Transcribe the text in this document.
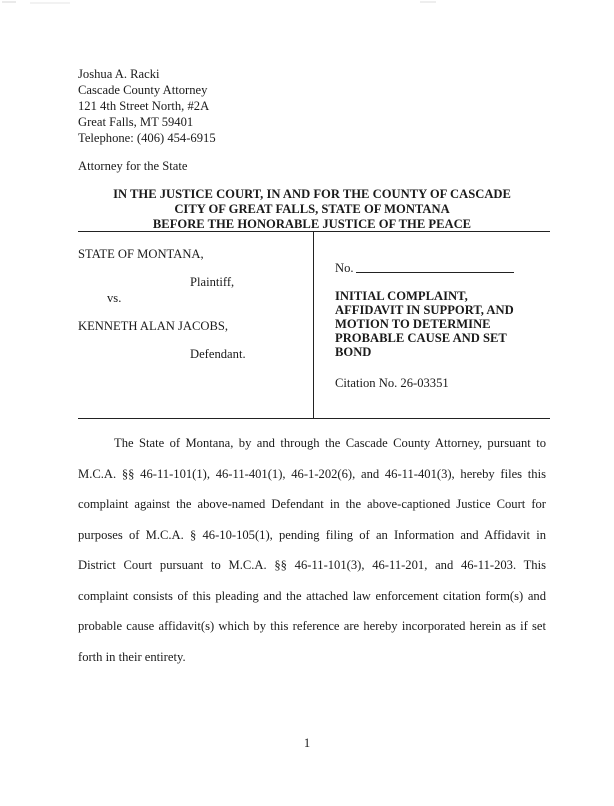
Joshua A. Racki
Cascade County Attorney
121 4th Street North, #2A
Great Falls, MT 59401
Telephone: (406) 454-6915
Attorney for the State
IN THE JUSTICE COURT, IN AND FOR THE COUNTY OF CASCADE
CITY OF GREAT FALLS, STATE OF MONTANA
BEFORE THE HONORABLE JUSTICE OF THE PEACE
STATE OF MONTANA,
Plaintiff,
vs.
KENNETH ALAN JACOBS,
Defendant.
No.
INITIAL COMPLAINT,
AFFIDAVIT IN SUPPORT, AND
MOTION TO DETERMINE
PROBABLE CAUSE AND SET
BOND
Citation No. 26-03351

The State of Montana, by and through the Cascade County Attorney, pursuant to M.C.A. §§ 46-11-101(1), 46-11-401(1), 46-1-202(6), and 46-11-401(3), hereby files this complaint against the above-named Defendant in the above-captioned Justice Court for purposes of M.C.A. § 46-10-105(1), pending filing of an Information and Affidavit in District Court pursuant to M.C.A. §§ 46-11-101(3), 46-11-201, and 46-11-203. This complaint consists of this pleading and the attached law enforcement citation form(s) and probable cause affidavit(s) which by this reference are hereby incorporated herein as if set forth in their entirety.

1
